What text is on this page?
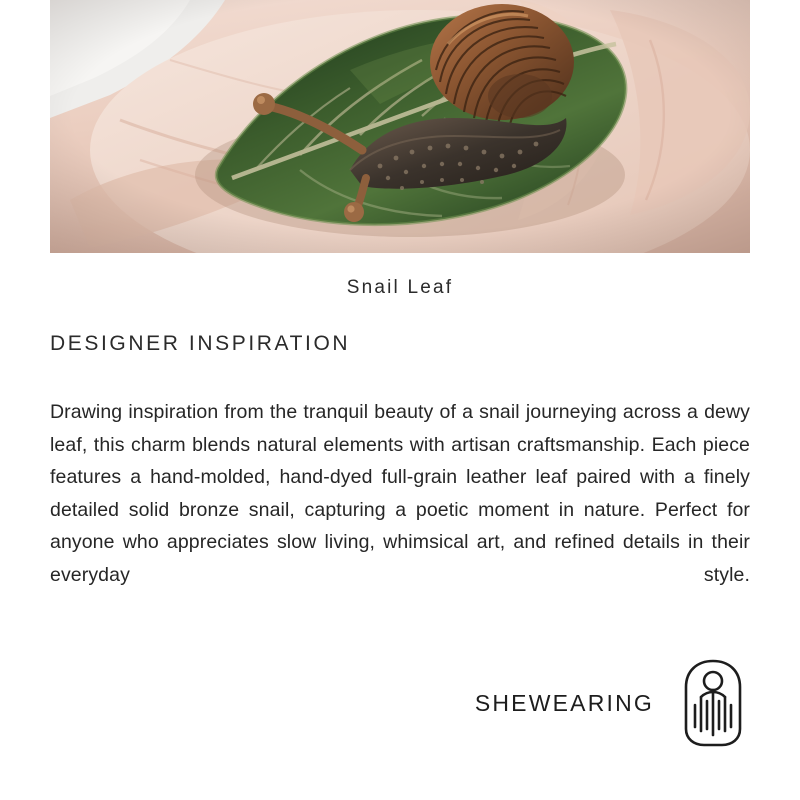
Snail Leaf
DESIGNER INSPIRATION
Drawing inspiration from the tranquil beauty of a snail journeying across a dewy leaf, this charm blends natural elements with artisan craftsmanship. Each piece features a hand-molded, hand-dyed full-grain leather leaf paired with a finely detailed solid bronze snail, capturing a poetic moment in nature. Perfect for anyone who appreciates slow living, whimsical art, and refined details in their everyday style.
SHEWEARING
